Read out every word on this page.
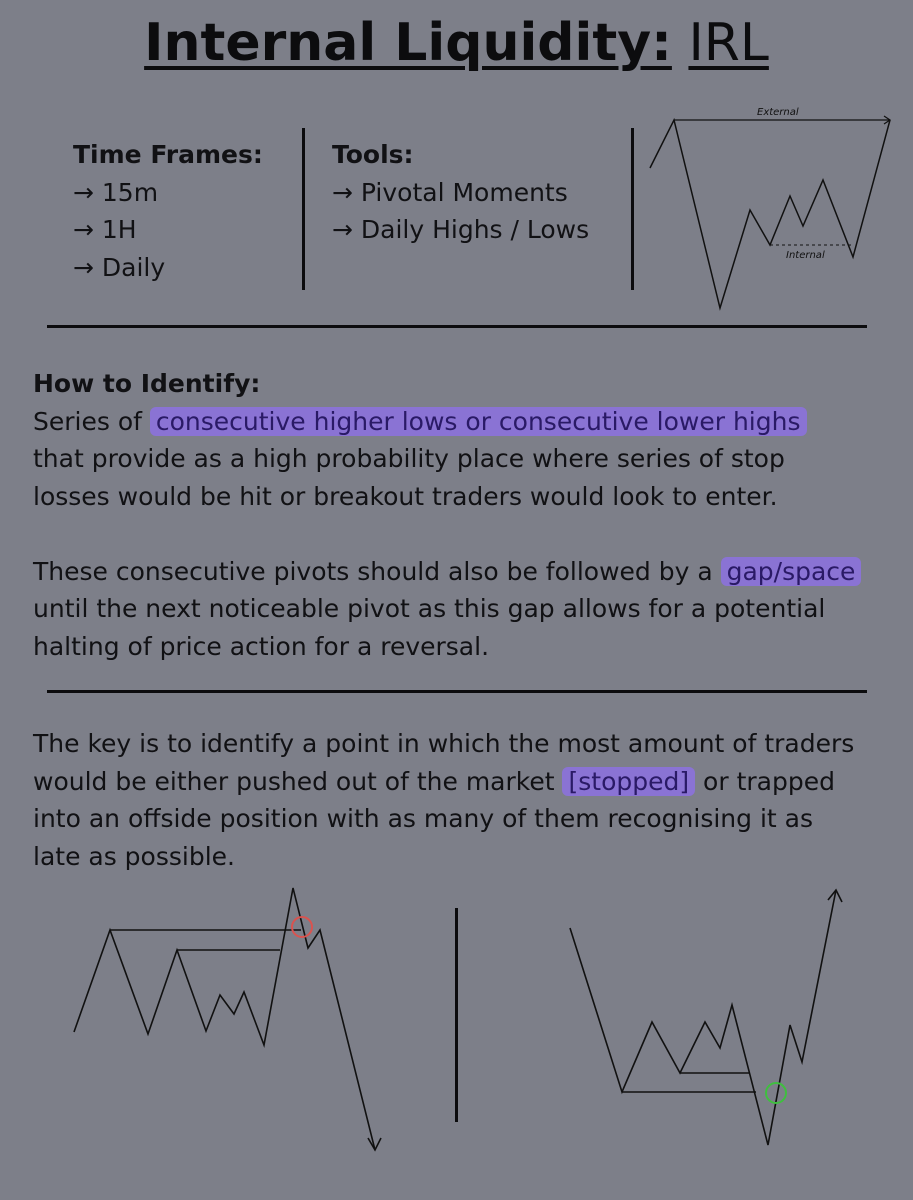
Internal Liquidity: IRL
Time Frames:
→ 15m
→ 1H
→ Daily
Tools:
→ Pivotal Moments
→ Daily Highs / Lows
External
Internal
How to Identify:
Series of consecutive higher lows or consecutive lower highs
that provide as a high probability place where series of stop
losses would be hit or breakout traders would look to enter.
These consecutive pivots should also be followed by a gap/space
until the next noticeable pivot as this gap allows for a potential
halting of price action for a reversal.
The key is to identify a point in which the most amount of traders
would be either pushed out of the market [stopped] or trapped
into an offside position with as many of them recognising it as
late as possible.
